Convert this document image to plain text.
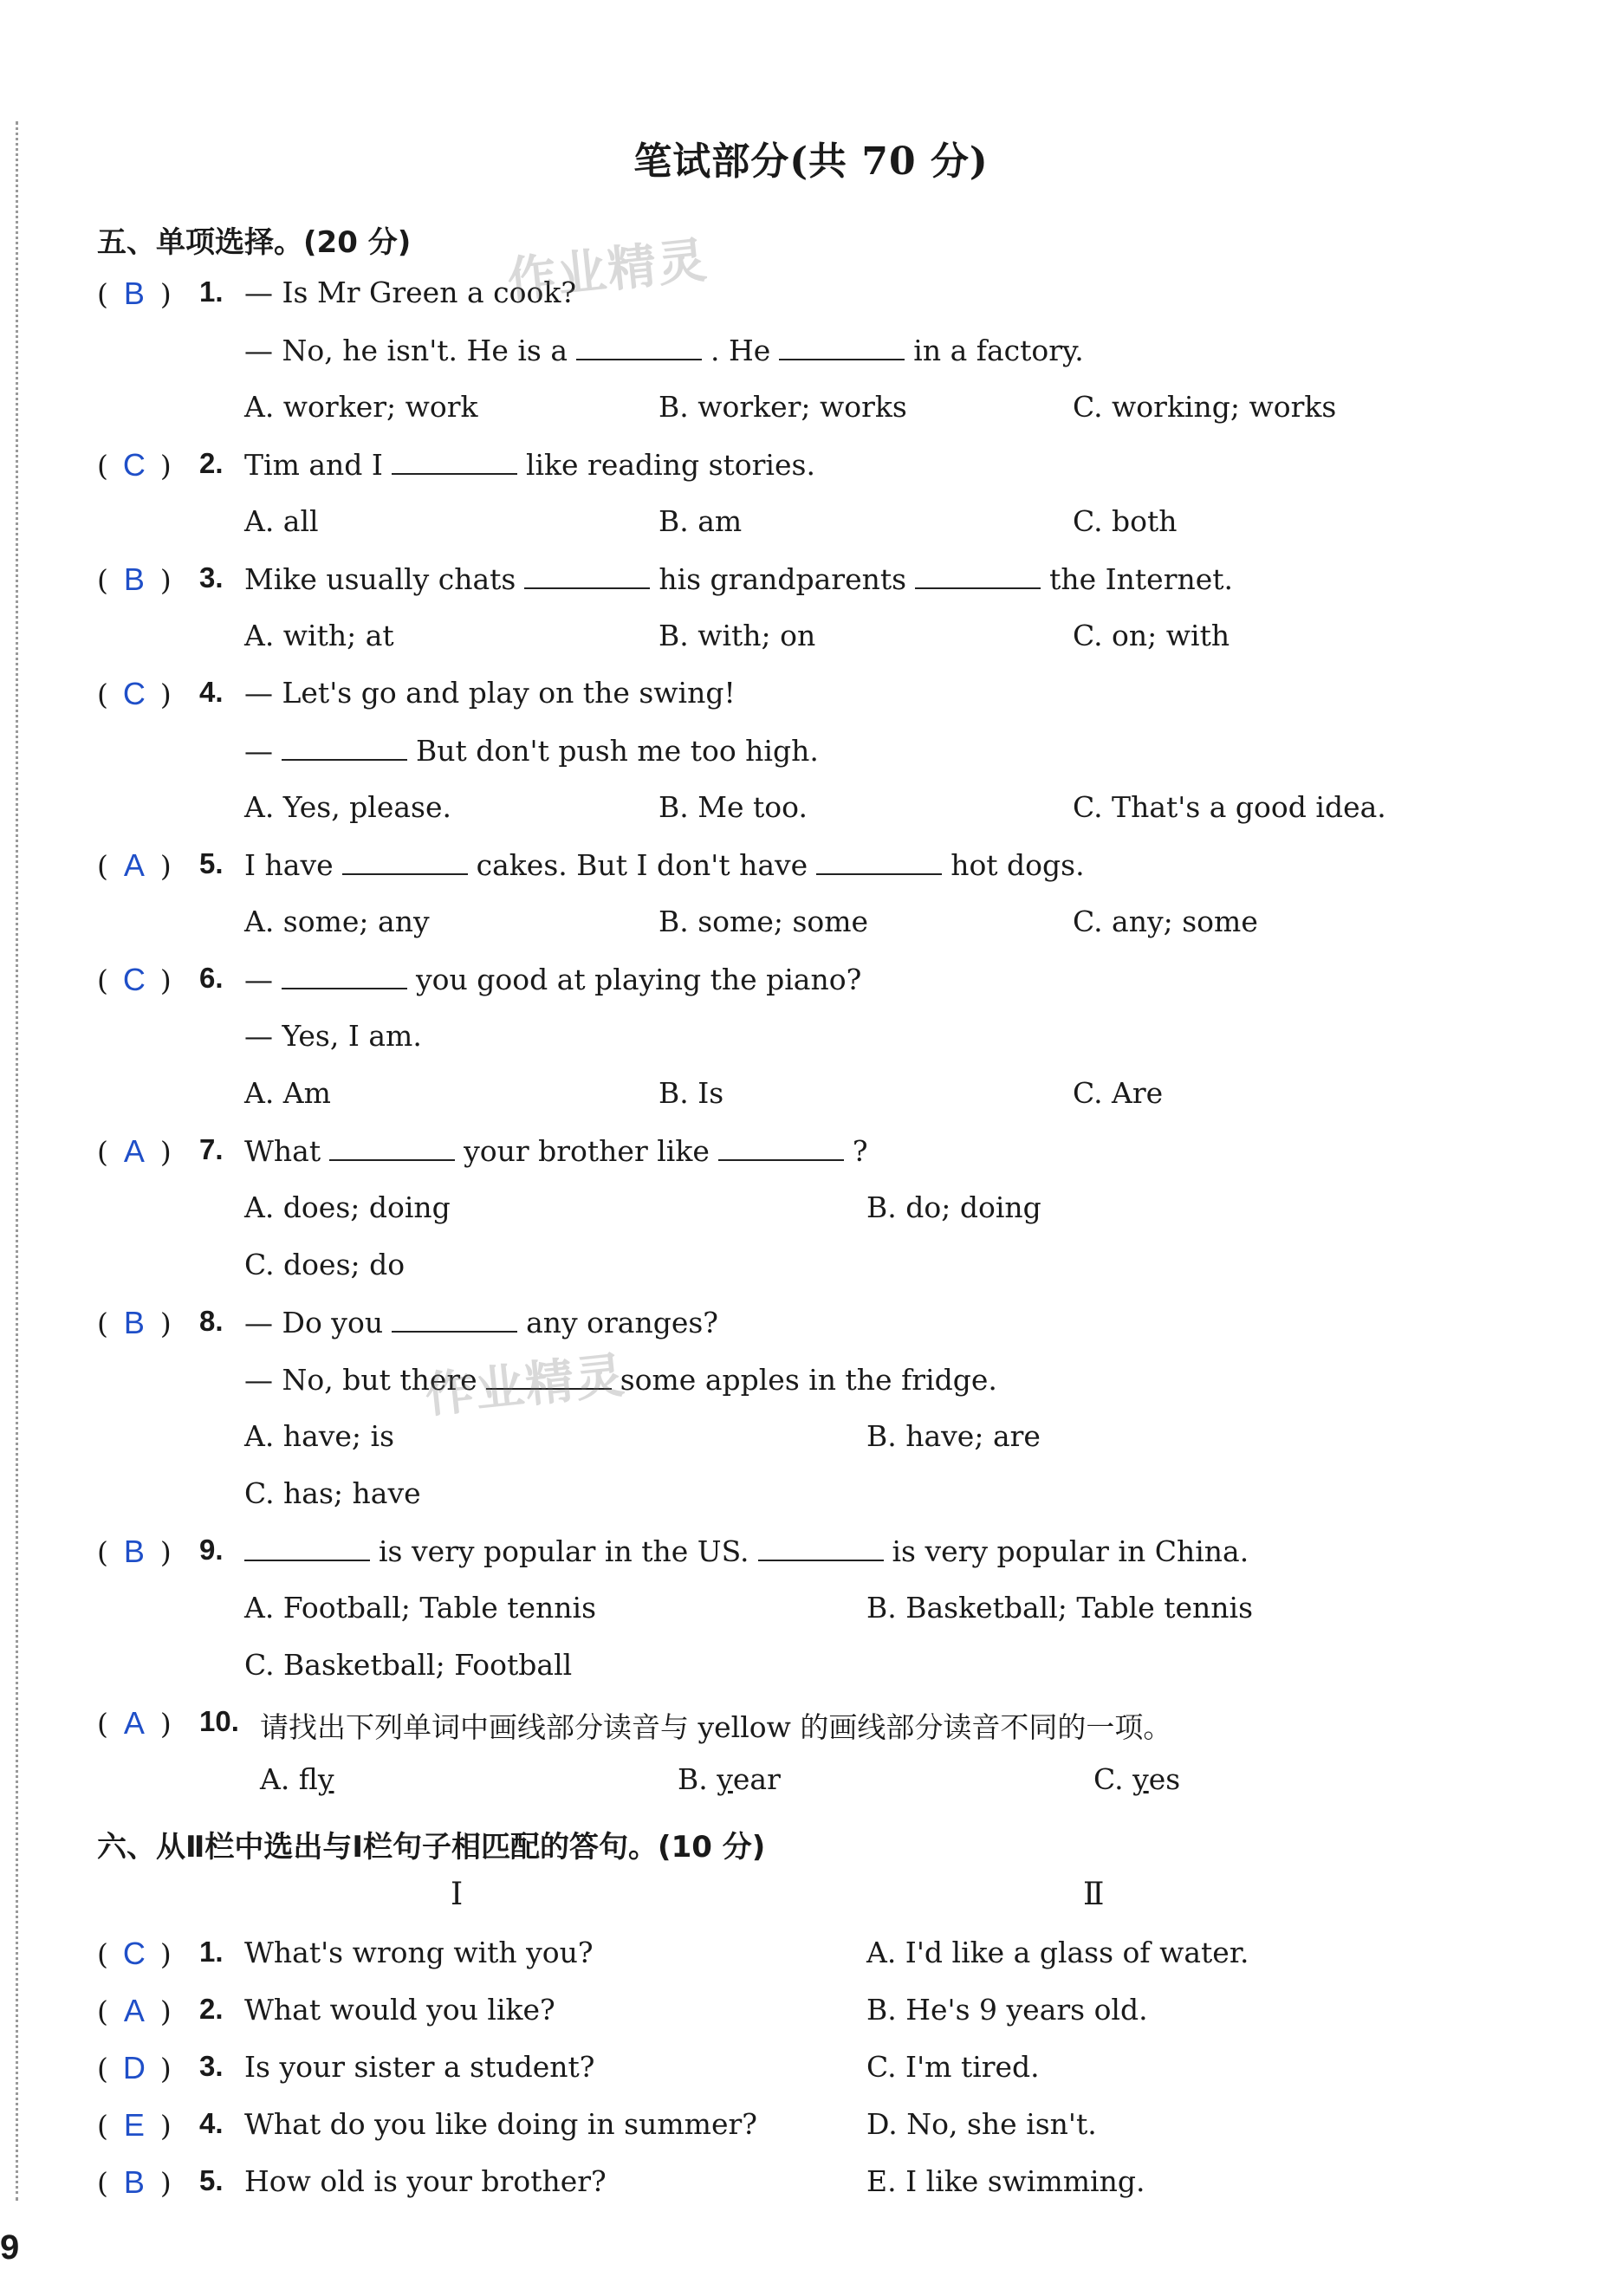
笔试部分(共 70 分)
五、单项选择。(20 分)
( B ) 1. — Is Mr Green a cook?
— No, he isn't. He is a	. He	in a factory.
A. worker; work	B. worker; works	C. working; works
( C ) 2. Tim and I	like reading stories.
A. all	B. am	C. both
( B ) 3. Mike usually chats	his grandparents	the Internet.
A. with; at	B. with; on	C. on; with
( C ) 4. — Let's go and play on the swing!
—	But don't push me too high.
A. Yes, please.	B. Me too.	C. That's a good idea.
( A ) 5. I have	cakes. But I don't have	hot dogs.
A. some; any	B. some; some	C. any; some
( C ) 6. —	you good at playing the piano?
— Yes, I am.
A. Am	B. Is	C. Are
( A ) 7. What	your brother like	?
A. does; doing	B. do; doing
C. does; do
( B ) 8. — Do you	any oranges?
— No, but there	some apples in the fridge.
A. have; is	B. have; are
C. has; have
( B ) 9.	is very popular in the US.	is very popular in China.
A. Football; Table tennis	B. Basketball; Table tennis
C. Basketball; Football
( A ) 10. 请找出下列单词中画线部分读音与 yellow 的画线部分读音不同的一项。
A. fly	B. year	C. yes
六、从Ⅱ栏中选出与Ⅰ栏句子相匹配的答句。(10 分)
Ⅰ	Ⅱ
( C ) 1. What's wrong with you?	A. I'd like a glass of water.
( A ) 2. What would you like?	B. He's 9 years old.
( D ) 3. Is your sister a student?	C. I'm tired.
( E ) 4. What do you like doing in summer?	D. No, she isn't.
( B ) 5. How old is your brother?	E. I like swimming.
9
作业精灵
作业精灵
